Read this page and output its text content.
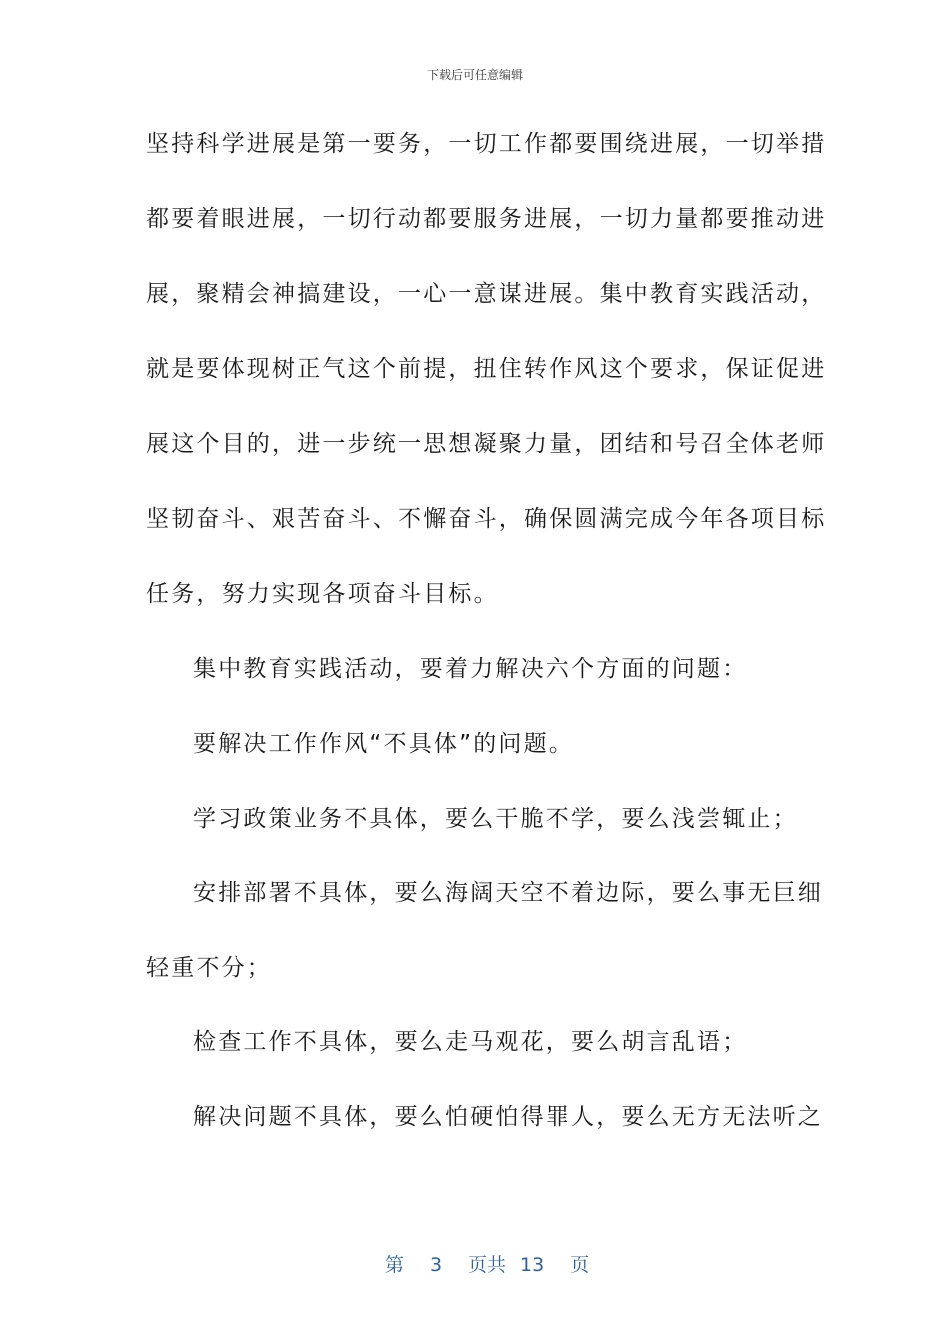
下载后可任意编辑
坚持科学进展是第一要务，一切工作都要围绕进展，一切举措
都要着眼进展，一切行动都要服务进展，一切力量都要推动进
展，聚精会神搞建设，一心一意谋进展。集中教育实践活动，
就是要体现树正气这个前提，扭住转作风这个要求，保证促进
展这个目的，进一步统一思想凝聚力量，团结和号召全体老师
坚韧奋斗、艰苦奋斗、不懈奋斗，确保圆满完成今年各项目标
任务，努力实现各项奋斗目标。
集中教育实践活动，要着力解决六个方面的问题：
要解决工作作风“不具体”的问题。
学习政策业务不具体，要么干脆不学，要么浅尝辄止；
安排部署不具体，要么海阔天空不着边际，要么事无巨细
轻重不分；
检查工作不具体，要么走马观花，要么胡言乱语；
解决问题不具体，要么怕硬怕得罪人，要么无方无法听之

第 3 页共 13 页
